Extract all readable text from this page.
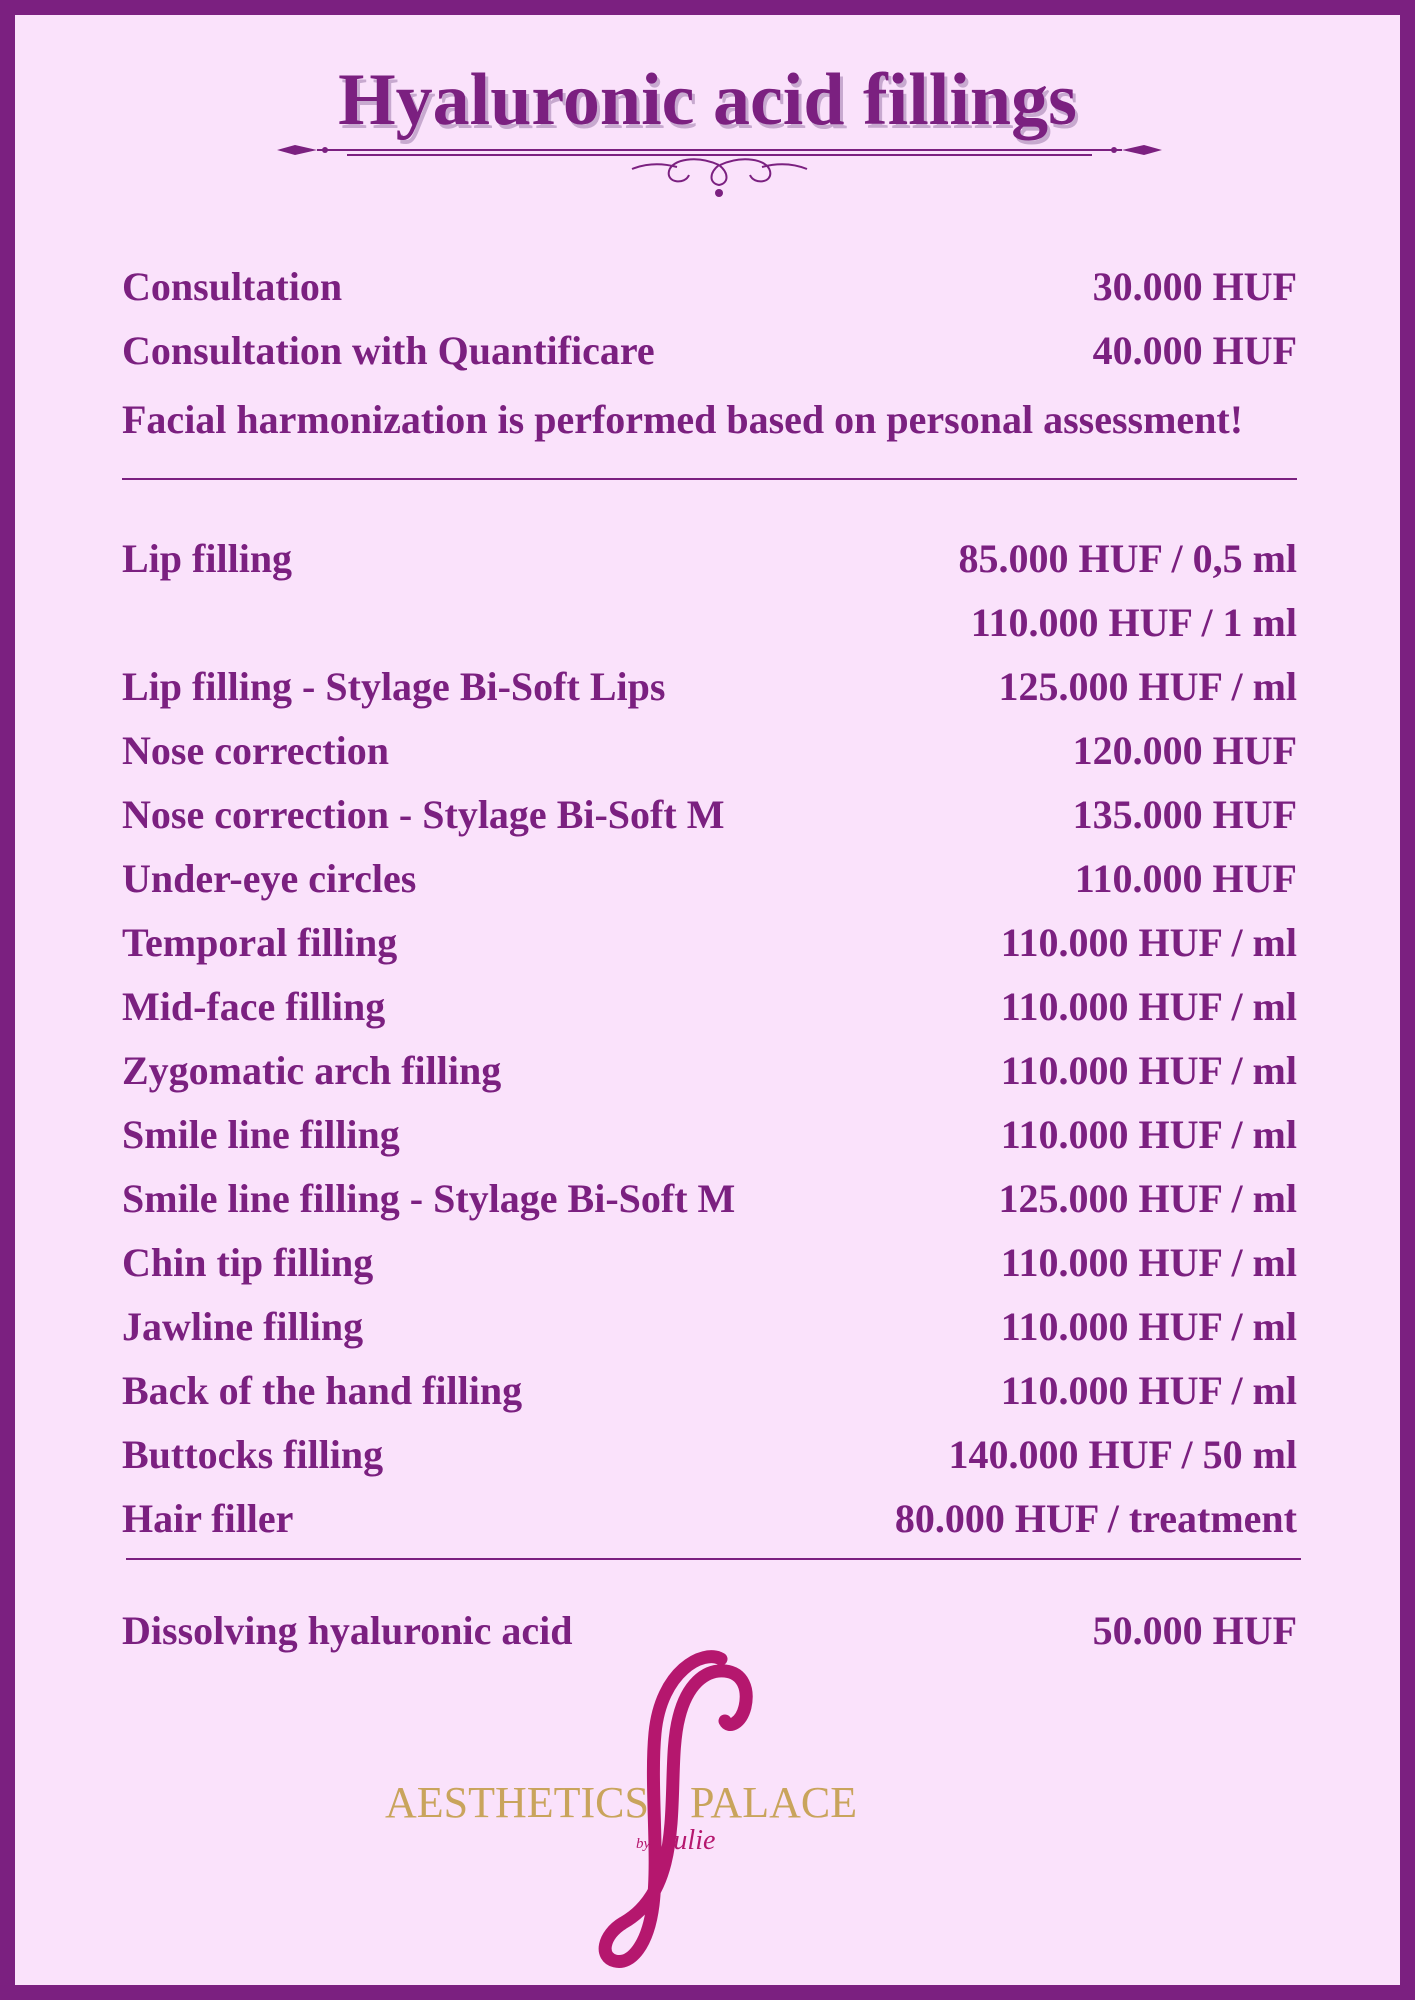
Hyaluronic acid fillings
Consultation	30.000 HUF
Consultation with Quantificare	40.000 HUF
Facial harmonization is performed based on personal assessment!
Lip filling	85.000 HUF / 0,5 ml
110.000 HUF / 1 ml
Lip filling - Stylage Bi-Soft Lips	125.000 HUF / ml
Nose correction	120.000 HUF
Nose correction - Stylage Bi-Soft M	135.000 HUF
Under-eye circles	110.000 HUF
Temporal filling	110.000 HUF / ml
Mid-face filling	110.000 HUF / ml
Zygomatic arch filling	110.000 HUF / ml
Smile line filling	110.000 HUF / ml
Smile line filling - Stylage Bi-Soft M	125.000 HUF / ml
Chin tip filling	110.000 HUF / ml
Jawline filling	110.000 HUF / ml
Back of the hand filling	110.000 HUF / ml
Buttocks filling	140.000 HUF / 50 ml
Hair filler	80.000 HUF / treatment
Dissolving hyaluronic acid	50.000 HUF
AESTHETICS PALACE
by Julie
